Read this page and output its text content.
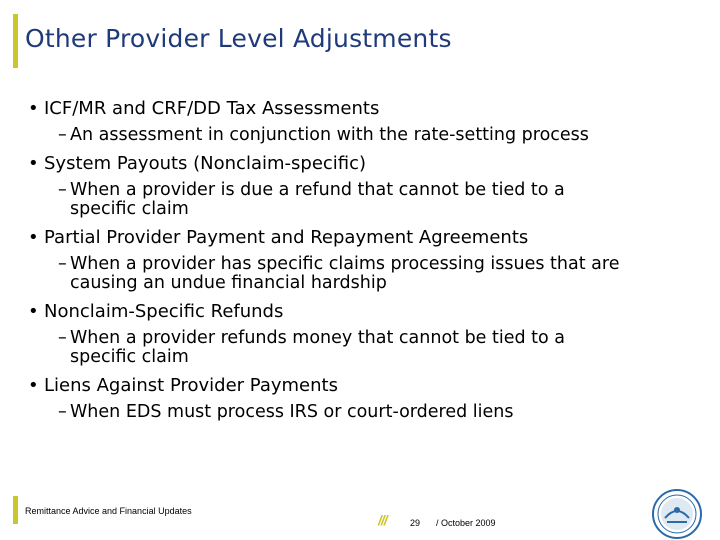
Other Provider Level Adjustments
• ICF/MR and CRF/DD Tax Assessments
– An assessment in conjunction with the rate-setting process
• System Payouts (Nonclaim-specific)
– When a provider is due a refund that cannot be tied to a specific claim
• Partial Provider Payment and Repayment Agreements
– When a provider has specific claims processing issues that are causing an undue financial hardship
• Nonclaim-Specific Refunds
– When a provider refunds money that cannot be tied to a specific claim
• Liens Against Provider Payments
– When EDS must process IRS or court-ordered liens
Remittance Advice and Financial Updates
///	29 / October 2009
